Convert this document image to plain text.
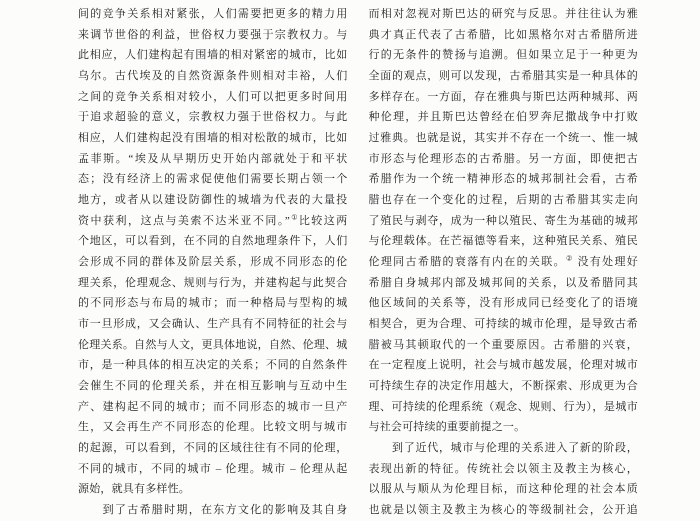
间的竞争关系相对紧张，人们需要把更多的精力用
来调节世俗的利益，世俗权力要强于宗教权力。与
此相应，人们建构起有围墙的相对紧密的城市，比如
乌尔。古代埃及的自然资源条件则相对丰裕，人们
之间的竞争关系相对较小，人们可以把更多时间用
于追求超验的意义，宗教权力强于世俗权力。与此
相应，人们建构起没有围墙的相对松散的城市，比如
孟菲斯。“埃及从早期历史开始内部就处于和平状
态；没有经济上的需求促使他们需要长期占领一个
地方，或者从以建设防御性的城墙为代表的大量投
资中获利，这点与美索不达米亚不同。”①比较这两
个地区，可以看到，在不同的自然地理条件下，人们
会形成不同的群体及阶层关系，形成不同形态的伦
理关系，伦理观念、规则与行为，并建构起与此契合
的不同形态与布局的城市；而一种格局与型构的城
市一旦形成，又会确认、生产具有不同特征的社会与
伦理关系。自然与人文，更具体地说，自然、伦理、城
市，是一种具体的相互决定的关系；不同的自然条件
会催生不同的伦理关系，并在相互影响与互动中生
产、建构起不同的城市；而不同形态的城市一旦产
生，又会再生产不同形态的伦理。比较文明与城市
的起源，可以看到，不同的区域往往有不同的伦理，
不同的城市，不同的城市 – 伦理。城市 – 伦理从起
源始，就具有多样性。
　　到了古希腊时期，在东方文化的影响及其自身
而相对忽视对斯巴达的研究与反思。并往往认为雅
典才真正代表了古希腊，比如黑格尔对古希腊所进
行的无条件的赞扬与追溯。但如果立足于一种更为
全面的观点，则可以发现，古希腊其实是一种具体的
多样存在。一方面，存在雅典与斯巴达两种城邦、两
种伦理，并且斯巴达曾经在伯罗奔尼撒战争中打败
过雅典。也就是说，其实并不存在一个统一、惟一城
市形态与伦理形态的古希腊。另一方面，即使把古
希腊作为一个统一精神形态的城邦制社会看，古希
腊也存在一个变化的过程，后期的古希腊其实走向
了殖民与剥夺，成为一种以殖民、寄生为基础的城邦
与伦理载体。在芒福德等看来，这种殖民关系、殖民
伦理同古希腊的衰落有内在的关联。② 没有处理好
希腊自身城邦内部及城邦间的关系，以及希腊同其
他区域间的关系等，没有形成同已经变化了的语境
相契合，更为合理、可持续的城市伦理，是导致古希
腊被马其顿取代的一个重要原因。古希腊的兴衰，
在一定程度上说明，社会与城市越发展，伦理对城市
可持续生存的决定作用越大，不断探索、形成更为合
理、可持续的伦理系统（观念、规则、行为），是城市
与社会可持续的重要前提之一。
　　到了近代，城市与伦理的关系进入了新的阶段，
表现出新的特征。传统社会以领主及教主为核心，
以服从与顺从为伦理目标，而这种伦理的社会本质
也就是以领主及教主为核心的等级制社会，公开追
